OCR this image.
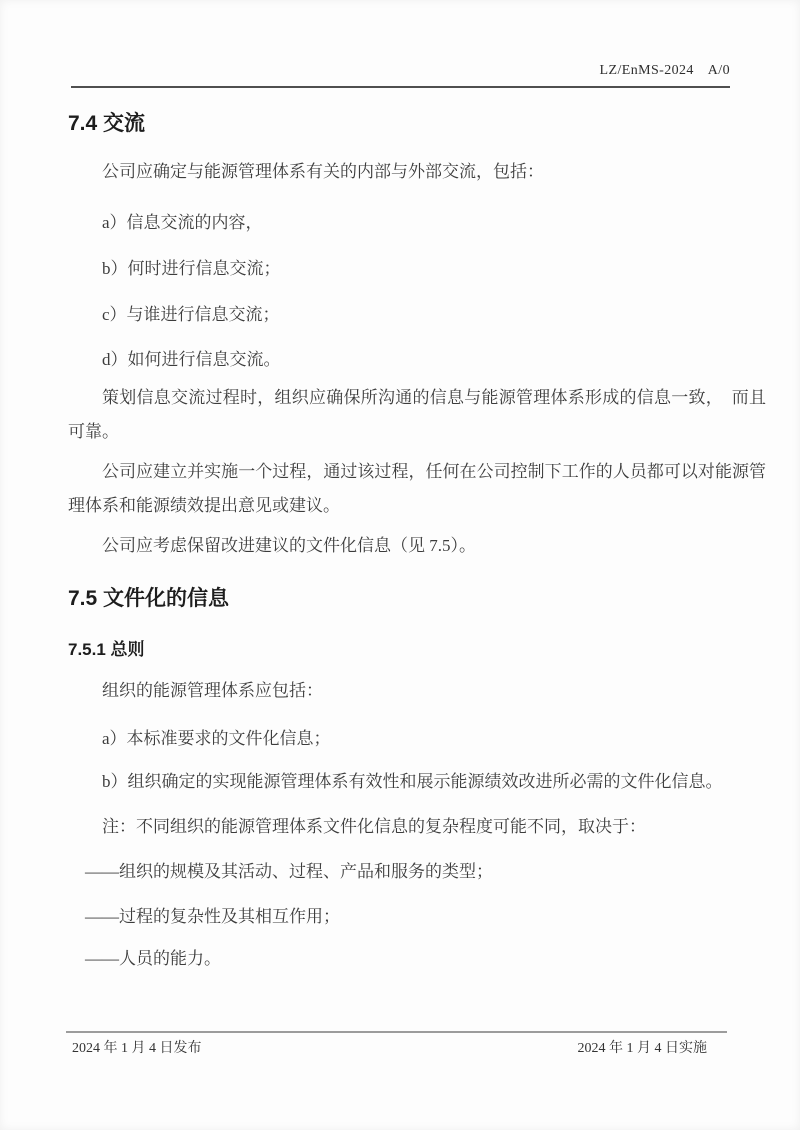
LZ/EnMS-2024 A/0
7.4 交流

公司应确定与能源管理体系有关的内部与外部交流，包括：

a）信息交流的内容，

b）何时进行信息交流；

c）与谁进行信息交流；

d）如何进行信息交流。

策划信息交流过程时，组织应确保所沟通的信息与能源管理体系形成的信息一致，　而且可靠。

公司应建立并实施一个过程，通过该过程，任何在公司控制下工作的人员都可以对能源管理体系和能源绩效提出意见或建议。

公司应考虑保留改进建议的文件化信息（见 7.5）。

7.5 文件化的信息
7.5.1 总则

组织的能源管理体系应包括：

a）本标准要求的文件化信息；

b）组织确定的实现能源管理体系有效性和展示能源绩效改进所必需的文件化信息。

注：不同组织的能源管理体系文件化信息的复杂程度可能不同，取决于：

——组织的规模及其活动、过程、产品和服务的类型；

——过程的复杂性及其相互作用；

——人员的能力。

2024 年 1 月 4 日发布	2024 年 1 月 4 日实施
